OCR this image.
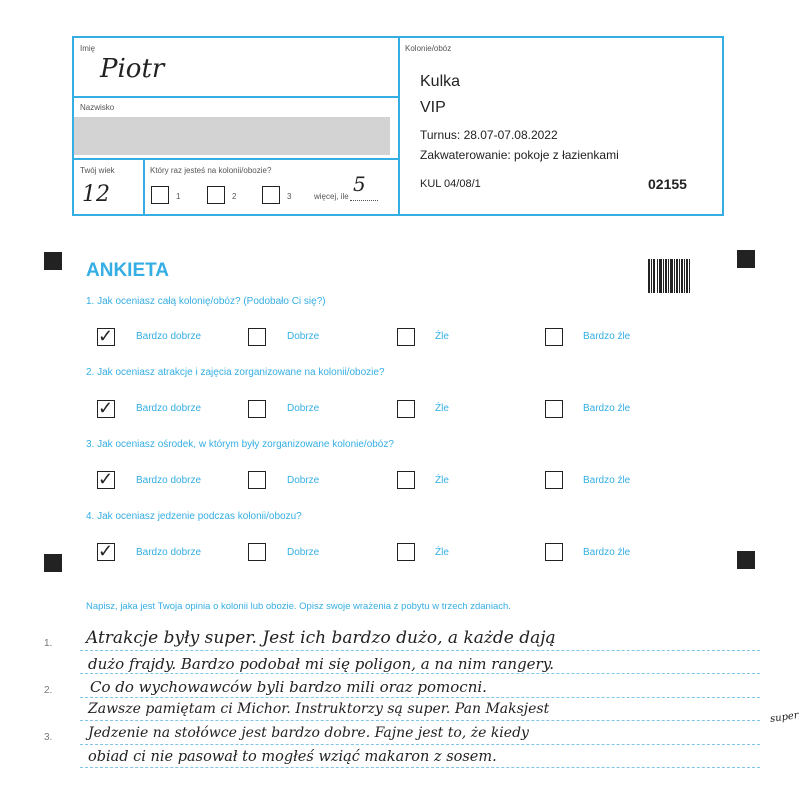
Imię
Piotr
Nazwisko
Twój wiek
12
Który raz jesteś na kolonii/obozie?
1	2	3	więcej, ile
5
Kolonie/obóz
Kulka
VIP
Turnus: 28.07-07.08.2022
Zakwaterowanie: pokoje z łazienkami
KUL 04/08/1	02155
ANKIETA
1. Jak oceniasz całą kolonię/obóz? (Podobało Ci się?)
✓ Bardzo dobrze	Dobrze	Źle	Bardzo źle
2. Jak oceniasz atrakcje i zajęcia zorganizowane na kolonii/obozie?
✓ Bardzo dobrze	Dobrze	Źle	Bardzo źle
3. Jak oceniasz ośrodek, w którym były zorganizowane kolonie/obóz?
✓ Bardzo dobrze	Dobrze	Źle	Bardzo źle
4. Jak oceniasz jedzenie podczas kolonii/obozu?
✓ Bardzo dobrze	Dobrze	Źle	Bardzo źle
Napisz, jaka jest Twoja opinia o kolonii lub obozie. Opisz swoje wrażenia z pobytu w trzech zdaniach.
1.
2.
3.
Atrakcje były super. Jest ich bardzo dużo, a każde dają
dużo frajdy. Bardzo podobał mi się poligon, a na nim rangery.
Co do wychowawców byli bardzo mili oraz pomocni.
Zawsze pamiętam ci Michor. Instruktorzy są super. Pan Maksjest
Jedzenie na stołówce jest bardzo dobre. Fajne jest to, że kiedy
obiad ci nie pasował to mogłeś wziąć makaron z sosem.
super
